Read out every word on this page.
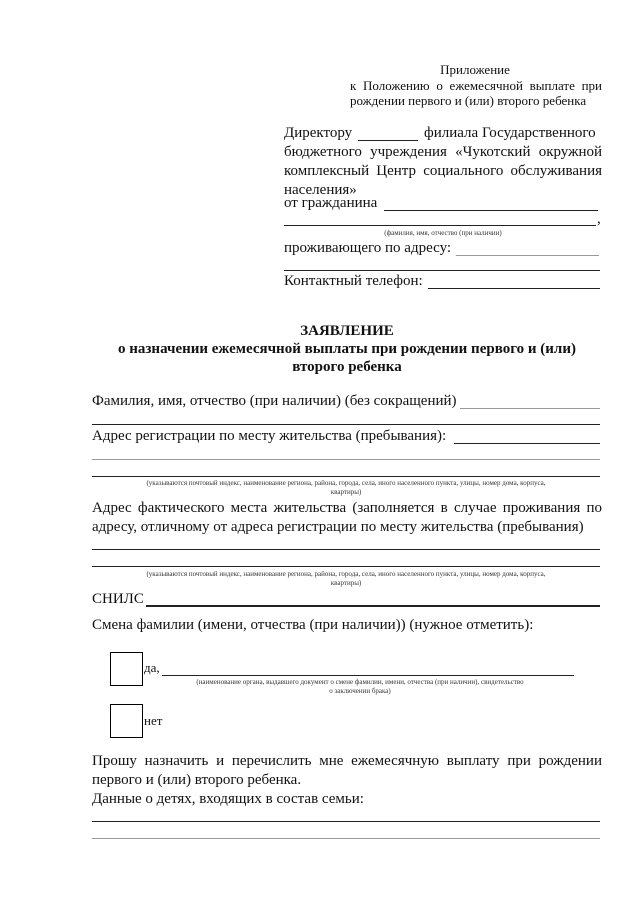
Приложение
к Положению о ежемесячной выплате при
рождении первого и (или) второго ребенка
Директору	филиала Государственного
бюджетного учреждения «Чукотский окружной
комплексный Центр социального обслуживания
населения»
от гражданина
,
(фамилия, имя, отчество (при наличии)
проживающего по адресу:
Контактный телефон:
ЗАЯВЛЕНИЕ
о назначении ежемесячной выплаты при рождении первого и (или)
второго ребенка
Фамилия, имя, отчество (при наличии) (без сокращений)
Адрес регистрации по месту жительства (пребывания):
(указываются почтовый индекс, наименование региона, района, города, села, иного населенного пункта, улицы, номер дома, корпуса,
квартиры)
Адрес фактического места жительства (заполняется в случае проживания по
адресу, отличному от адреса регистрации по месту жительства (пребывания)
(указываются почтовый индекс, наименование региона, района, города, села, иного населенного пункта, улицы, номер дома, корпуса,
квартиры)
СНИЛС
Смена фамилии (имени, отчества (при наличии)) (нужное отметить):
да,
(наименование органа, выдавшего документ о смене фамилии, имени, отчества (при наличии), свидетельство
о заключении брака)
нет
Прошу назначить и перечислить мне ежемесячную выплату при рождении
первого и (или) второго ребенка.
Данные о детях, входящих в состав семьи:
